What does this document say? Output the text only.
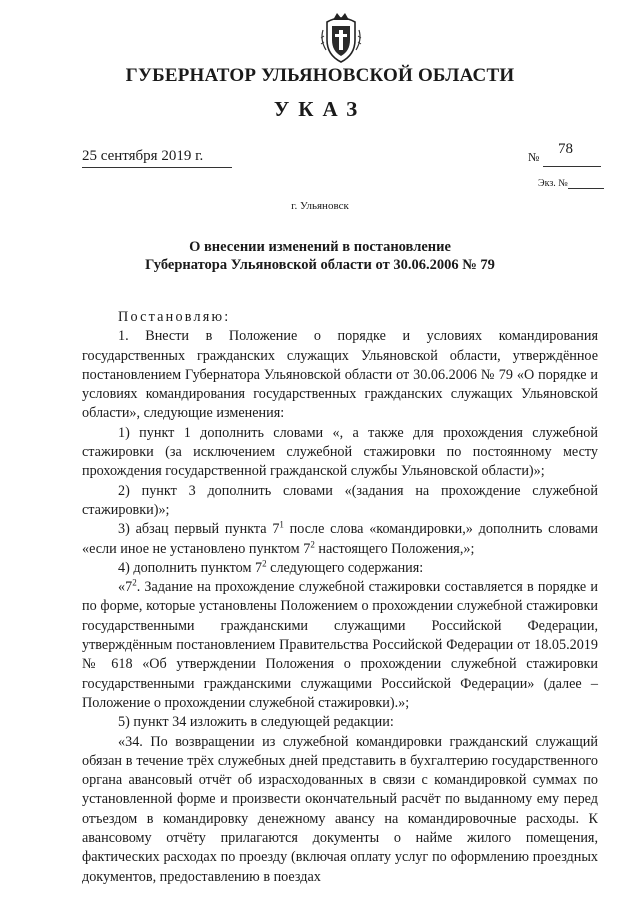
ГУБЕРНАТОР УЛЬЯНОВСКОЙ ОБЛАСТИ
УКАЗ
25 сентября 2019 г.	№ 78
Экз. №
г. Ульяновск
О внесении изменений в постановление
Губернатора Ульяновской области от 30.06.2006 № 79

Постановляю:

1. Внести в Положение о порядке и условиях командирования государственных гражданских служащих Ульяновской области, утверждённое постановлением Губернатора Ульяновской области от 30.06.2006 № 79 «О порядке и условиях командирования государственных гражданских служащих Ульяновской области», следующие изменения:

1) пункт 1 дополнить словами «, а также для прохождения служебной стажировки (за исключением служебной стажировки по постоянному месту прохождения государственной гражданской службы Ульяновской области)»;

2) пункт 3 дополнить словами «(задания на прохождение служебной стажировки)»;

3) абзац первый пункта $7^1$ после слова «командировки,» дополнить словами «если иное не установлено пунктом $7^2$ настоящего Положения,»;

4) дополнить пунктом $7^2$ следующего содержания:

«$7^2$. Задание на прохождение служебной стажировки составляется в порядке и по форме, которые установлены Положением о прохождении служебной стажировки государственными гражданскими служащими Российской Федерации, утверждённым постановлением Правительства Российской Федерации от 18.05.2019 № 618 «Об утверждении Положения о прохождении служебной стажировки государственными гражданскими служащими Российской Федерации» (далее – Положение о прохождении служебной стажировки).»;

5) пункт 34 изложить в следующей редакции:

«34. По возвращении из служебной командировки гражданский служащий обязан в течение трёх служебных дней представить в бухгалтерию государственного органа авансовый отчёт об израсходованных в связи с командировкой суммах по установленной форме и произвести окончательный расчёт по выданному ему перед отъездом в командировку денежному авансу на командировочные расходы. К авансовому отчёту прилагаются документы о найме жилого помещения, фактических расходах по проезду (включая оплату услуг по оформлению проездных документов, предоставлению в поездах
